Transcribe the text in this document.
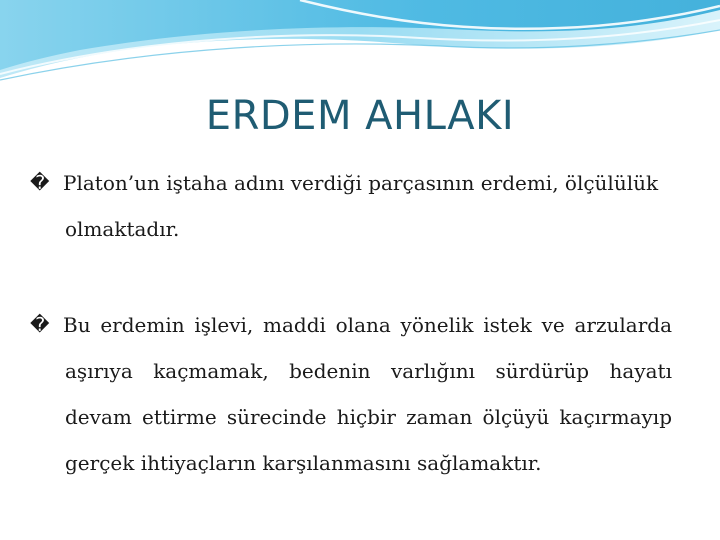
ERDEM AHLAKI
� Platon’un iştaha adını verdiği parçasının erdemi, ölçülülük olmaktadır.
� Bu erdemin işlevi, maddi olana yönelik istek ve arzularda aşırıya kaçmamak, bedenin varlığını sürdürüp hayatı devam ettirme sürecinde hiçbir zaman ölçüyü kaçırmayıp gerçek ihtiyaçların karşılanmasını sağlamaktır.
